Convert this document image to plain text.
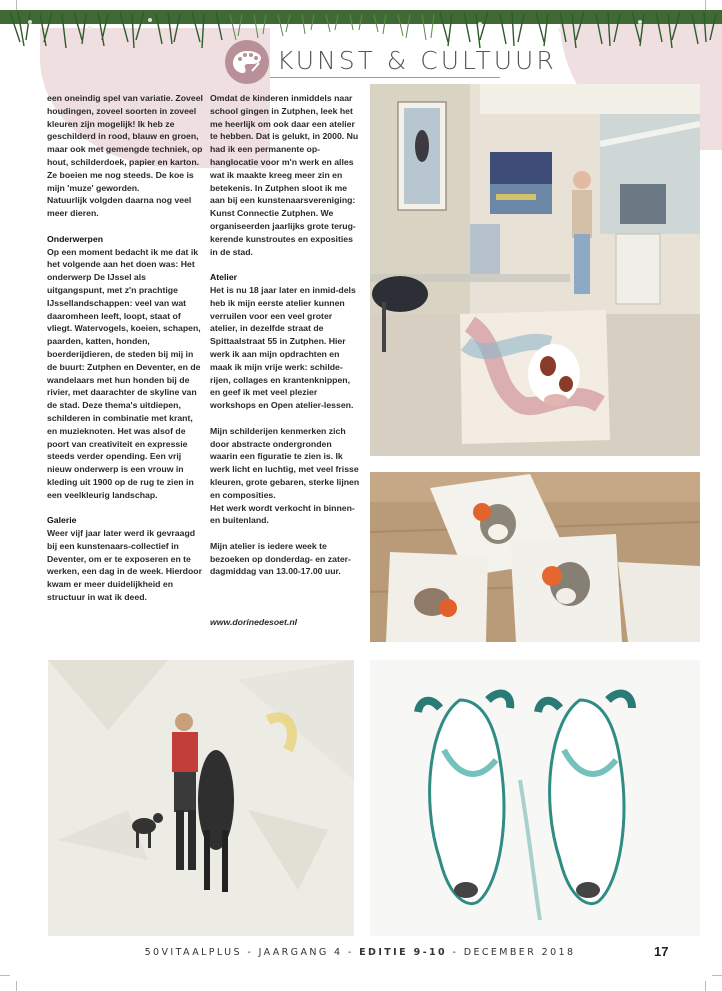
KUNST & CULTUUR

een oneindig spel van variatie. Zoveel houdingen, zoveel soorten in zoveel kleuren zijn mogelijk! Ik heb ze geschilderd in rood, blauw en groen, maar ook met gemengde techniek, op hout, schilderdoek, papier en karton. Ze boeien me nog steeds. De koe is mijn 'muze' geworden.

Natuurlijk volgden daarna nog veel meer dieren.

Onderwerpen

Op een moment bedacht ik me dat ik het volgende aan het doen was: Het onderwerp De IJssel als uitgangspunt, met z'n prachtige IJssellandschappen: veel van wat daaromheen leeft, loopt, staat of vliegt. Watervogels, koeien, schapen, paarden, katten, honden, boerderijdieren, de steden bij mij in de buurt: Zutphen en Deventer, en de wandelaars met hun honden bij de rivier, met daarachter de skyline van de stad. Deze thema's uitdiepen, schilderen in combinatie met krant, en muzieknoten. Het was alsof de poort van creativiteit en expressie steeds verder opending. Een vrij nieuw onderwerp is een vrouw in kleding uit 1900 op de rug te zien in een veelkleurig landschap.

Galerie

Weer vijf jaar later werd ik gevraagd bij een kunstenaars-collectief in Deventer, om er te exposeren en te werken, een dag in de week. Hierdoor kwam er meer duidelijkheid en structuur in wat ik deed.

Omdat de kinderen inmiddels naar school gingen in Zutphen, leek het me heerlijk om ook daar een atelier te hebben. Dat is gelukt, in 2000. Nu had ik een permanente op-hanglocatie voor m'n werk en alles wat ik maakte kreeg meer zin en betekenis. In Zutphen sloot ik me aan bij een kunstenaarsvereniging: Kunst Connectie Zutphen. We organiseerden jaarlijks grote terug-kerende kunstroutes en exposities in de stad.

Atelier

Het is nu 18 jaar later en inmid-dels heb ik mijn eerste atelier kunnen verruilen voor een veel groter atelier, in dezelfde straat de Spittaalstraat 55 in Zutphen. Hier werk ik aan mijn opdrachten en maak ik mijn vrije werk: schilde-rijen, collages en krantenknippen, en geef ik met veel plezier workshops en Open atelier-lessen.

Mijn schilderijen kenmerken zich door abstracte ondergronden waarin een figuratie te zien is. Ik werk licht en luchtig, met veel frisse kleuren, grote gebaren, sterke lijnen en composities.

Het werk wordt verkocht in binnen- en buitenland.

Mijn atelier is iedere week te bezoeken op donderdag- en zater-dagmiddag van 13.00-17.00 uur.

www.dorinedesoet.nl

50VITAALPLUS - JAARGANG 4 - EDITIE 9-10 - DECEMBER 2018	17
